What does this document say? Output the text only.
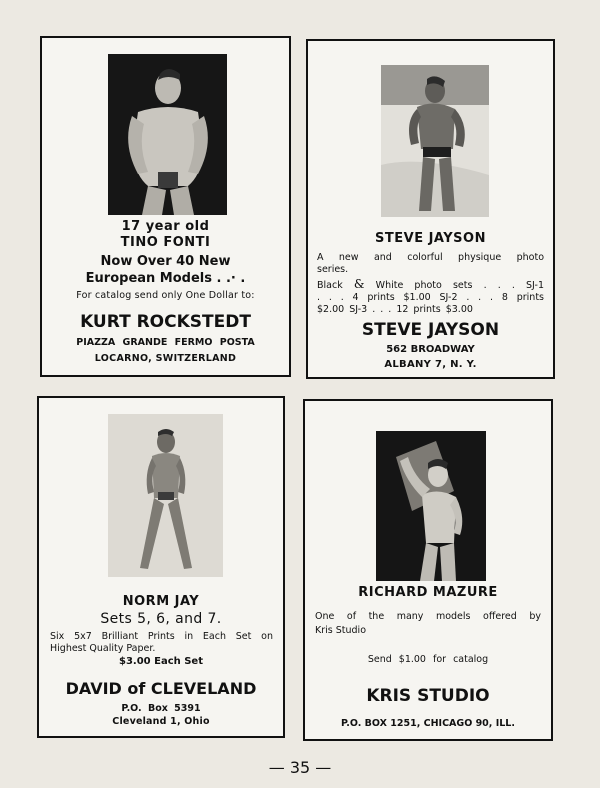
17 year old
TINO FONTI
Now Over 40 New
European Models . .· .
For catalog send only One Dollar to:
KURT ROCKSTEDT
PIAZZA GRANDE FERMO POSTA
LOCARNO, SWITZERLAND
STEVE JAYSON
A new and colorful physique photo
series.
Black & White photo sets . . . SJ-1
. . . 4 prints $1.00 SJ-2 . . . 8 prints
$2.00 SJ-3 . . . 12 prints $3.00
STEVE JAYSON
562 BROADWAY
ALBANY 7, N. Y.
NORM JAY
Sets 5, 6, and 7.
Six 5x7 Brilliant Prints in Each Set on
Highest Quality Paper.
$3.00 Each Set
DAVID of CLEVELAND
P.O. Box 5391
Cleveland 1, Ohio
RICHARD MAZURE
One of the many models offered by
Kris Studio
Send $1.00 for catalog
KRIS STUDIO
P.O. BOX 1251, CHICAGO 90, ILL.
— 35 —
